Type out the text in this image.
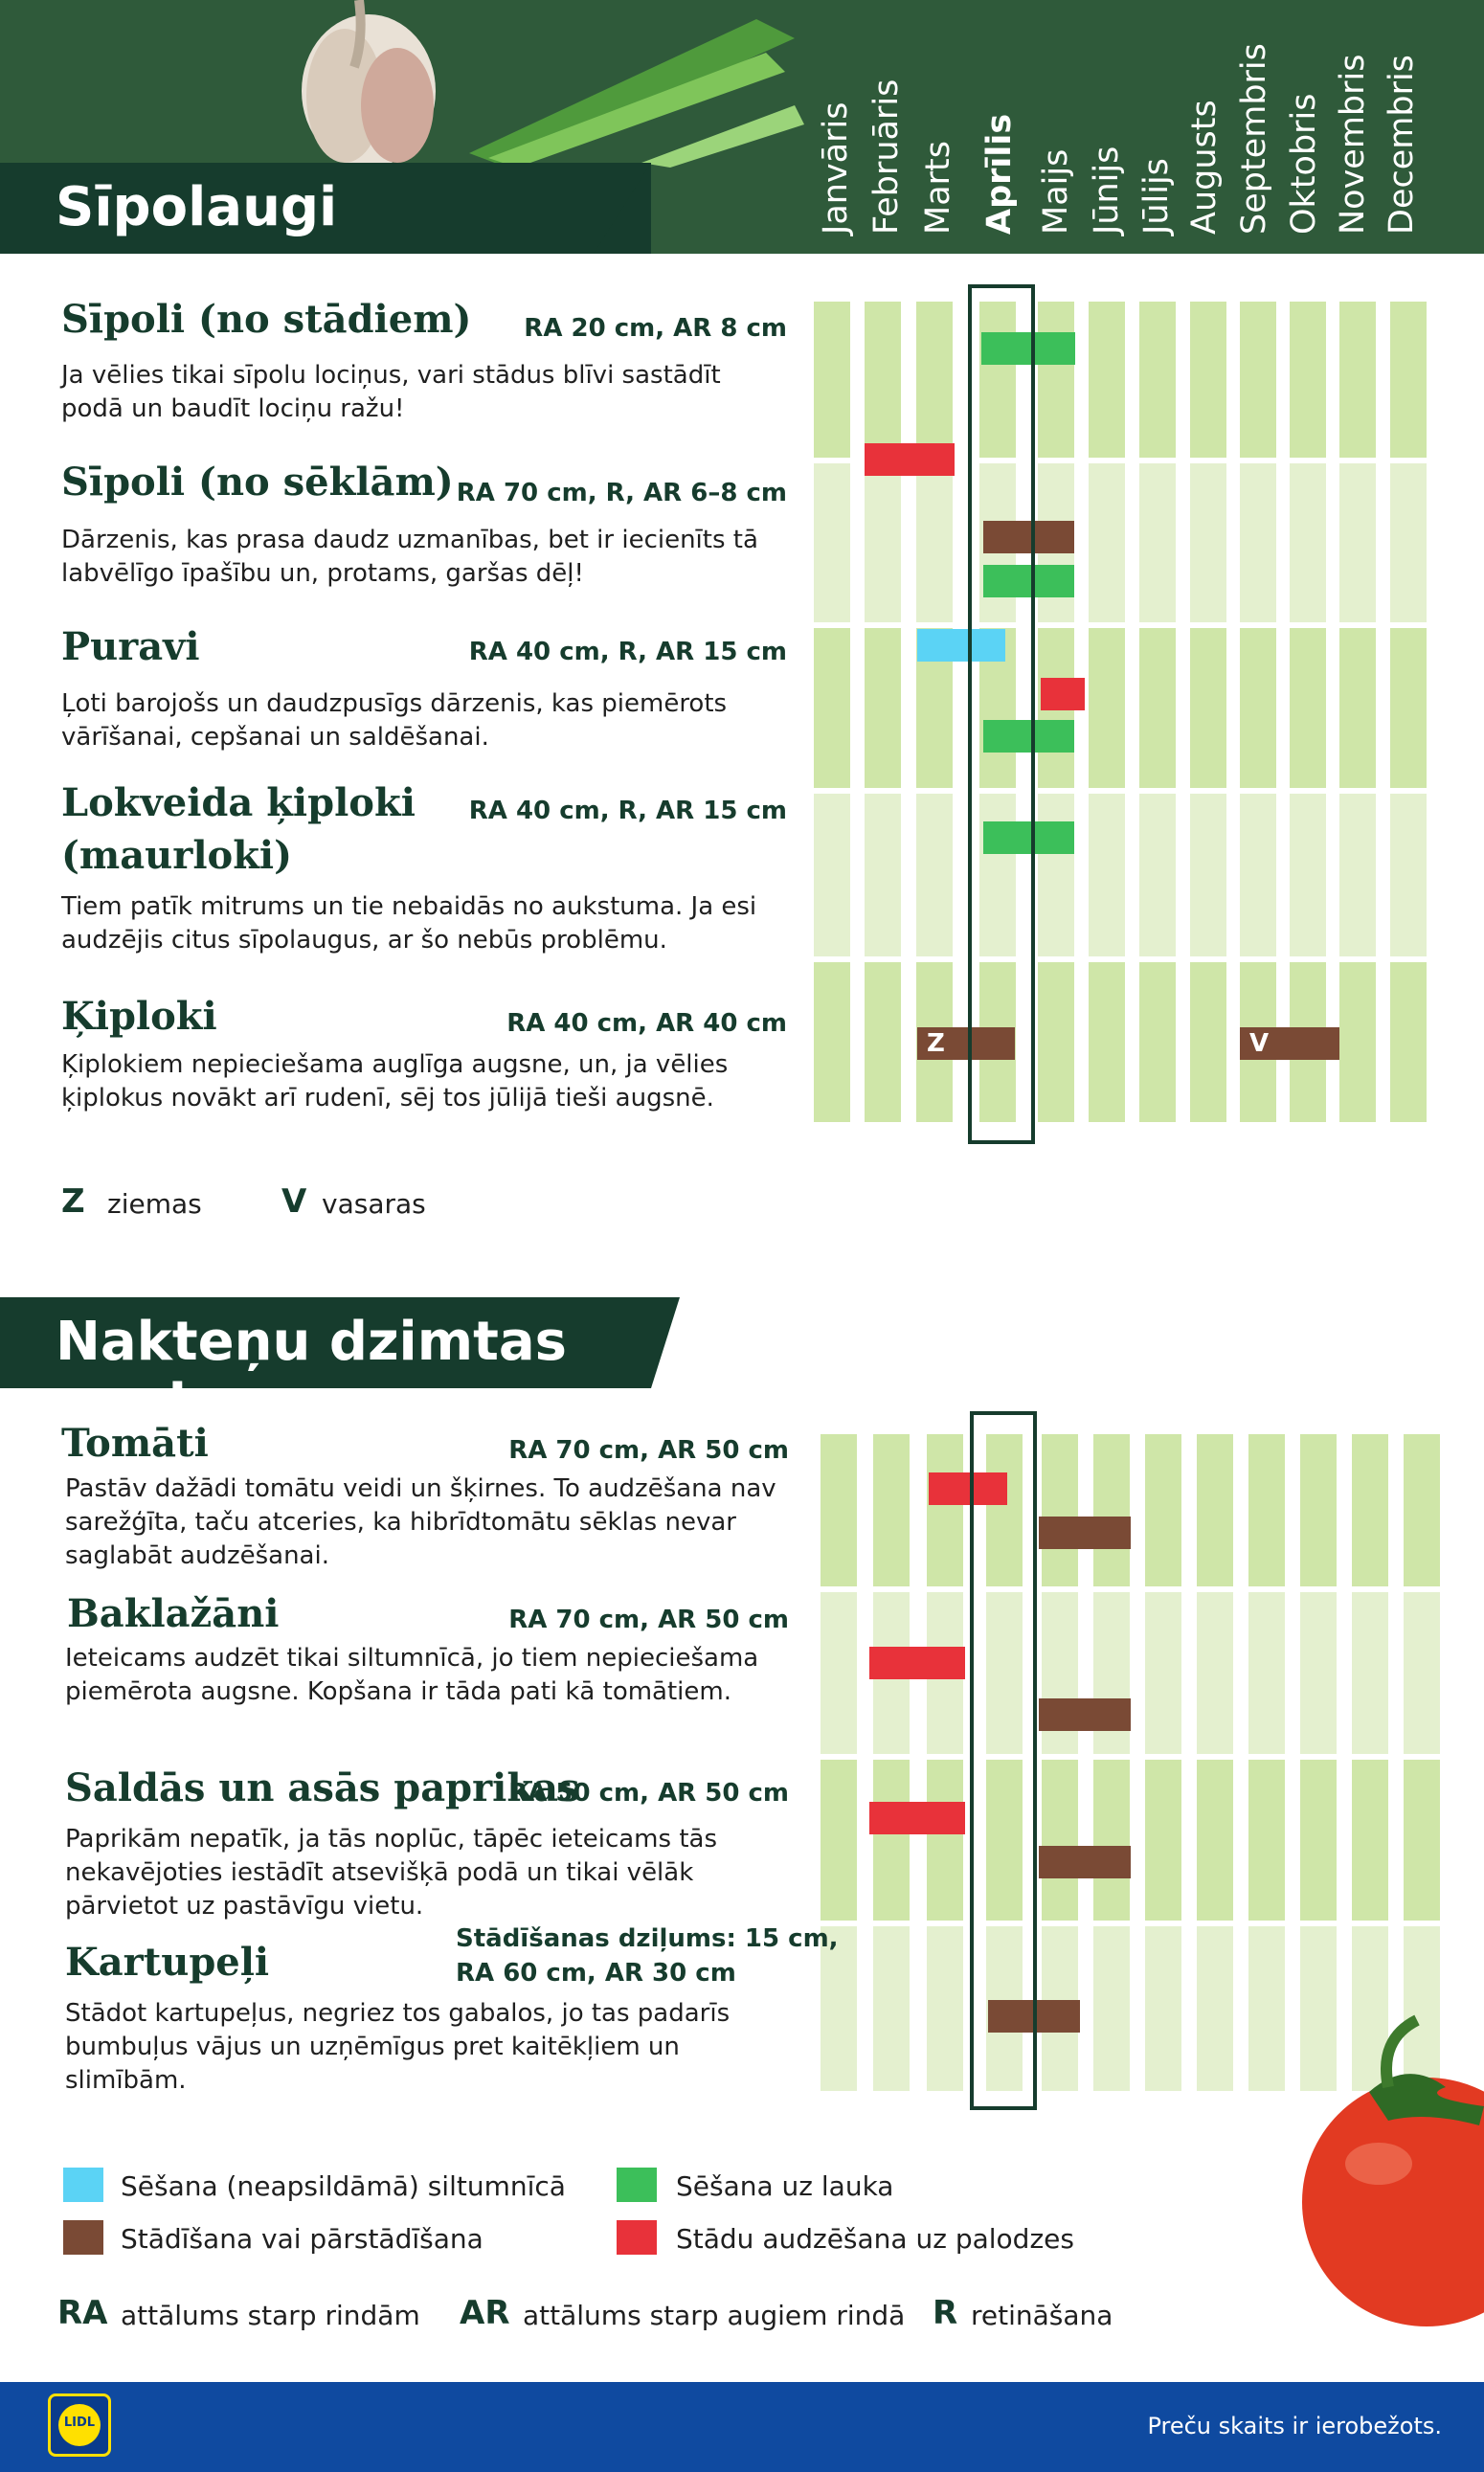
Sīpolaugi	Janvāris Februāris Marts Aprīlis Maijs Jūnijs Jūlijs Augusts Septembris Oktobris Novembris Decembris
Z	V
Sīpoli (no stādiem) RA 20 cm, AR 8 cm
Ja vēlies tikai sīpolu lociņus, vari stādus blīvi sastādīt podā un baudīt lociņu ražu!
Sīpoli (no sēklām) RA 70 cm, R, AR 6–8 cm
Dārzenis, kas prasa daudz uzmanības, bet ir iecienīts tā labvēlīgo īpašību un, protams, garšas dēļ!
Puravi	RA 40 cm, R, AR 15 cm
Ļoti barojošs un daudzpusīgs dārzenis, kas piemērots vārīšanai, cepšanai un saldēšanai.
Lokveida ķiploki
(maurloki)
RA 40 cm, R, AR 15 cm
Tiem patīk mitrums un tie nebaidās no aukstuma. Ja esi audzējis citus sīpolaugus, ar šo nebūs problēmu.
Ķiploki	RA 40 cm, AR 40 cm
Ķiplokiem nepieciešama auglīga augsne, un, ja vēlies ķiplokus novākt arī rudenī, sēj tos jūlijā tieši augsnē.
Z ziemas V vasaras
Nakteņu dzimtas augi
Tomāti	RA 70 cm, AR 50 cm
Pastāv dažādi tomātu veidi un šķirnes. To audzēšana nav sarežģīta, taču atceries, ka hibrīdtomātu sēklas nevar saglabāt audzēšanai.
Baklažāni	RA 70 cm, AR 50 cm
Ieteicams audzēt tikai siltumnīcā, jo tiem nepieciešama piemērota augsne. Kopšana ir tāda pati kā tomātiem.
Saldās un asās paprikas
RA 50 cm, AR 50 cm
Paprikām nepatīk, ja tās noplūc, tāpēc ieteicams tās nekavējoties iestādīt atsevišķā podā un tikai vēlāk pārvietot uz pastāvīgu vietu.
Kartupeļi
Stādīšanas dziļums: 15 cm,
RA 60 cm, AR 30 cm
Stādot kartupeļus, negriez tos gabalos, jo tas padarīs bumbuļus vājus un uzņēmīgus pret kaitēkļiem un slimībām.
Sēšana (neapsildāmā) siltumnīcā	Sēšana uz lauka
Stādīšana vai pārstādīšana	Stādu audzēšana uz palodzes
RA attālums starp rindām AR attālums starp augiem rindā R retināšana
LIDL	Preču skaits ir ierobežots.
